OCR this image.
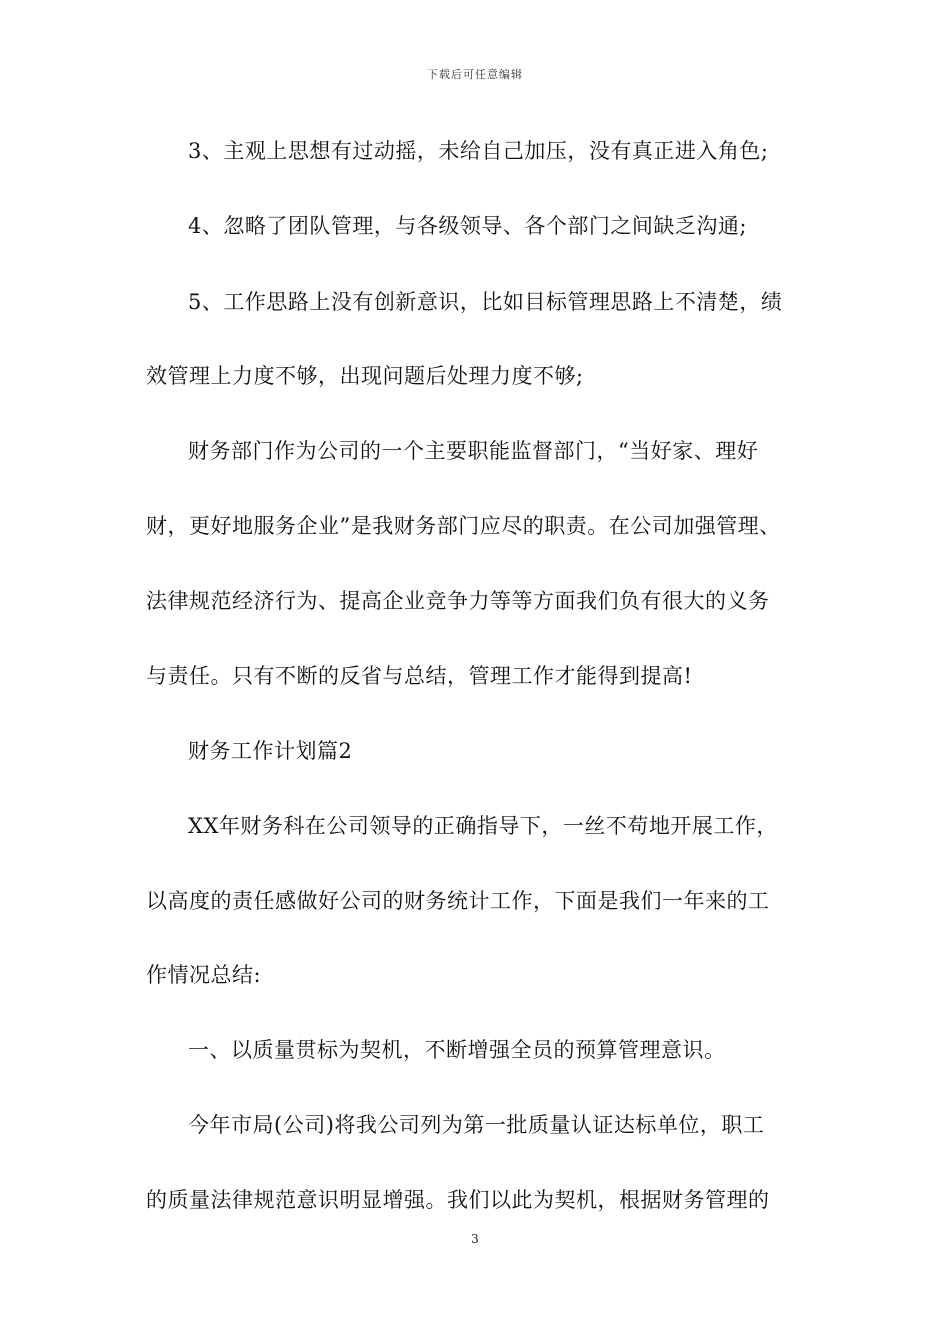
下载后可任意编辑
3、主观上思想有过动摇，未给自己加压，没有真正进入角色;
4、忽略了团队管理，与各级领导、各个部门之间缺乏沟通;
5、工作思路上没有创新意识，比如目标管理思路上不清楚，绩
效管理上力度不够，出现问题后处理力度不够;
财务部门作为公司的一个主要职能监督部门，“当好家、理好
财，更好地服务企业”是我财务部门应尽的职责。在公司加强管理、
法律规范经济行为、提高企业竞争力等等方面我们负有很大的义务
与责任。只有不断的反省与总结，管理工作才能得到提高!
财务工作计划篇2
XX年财务科在公司领导的正确指导下，一丝不苟地开展工作，
以高度的责任感做好公司的财务统计工作，下面是我们一年来的工
作情况总结:
一、以质量贯标为契机，不断增强全员的预算管理意识。
今年市局(公司)将我公司列为第一批质量认证达标单位，职工
的质量法律规范意识明显增强。我们以此为契机，根据财务管理的
3
